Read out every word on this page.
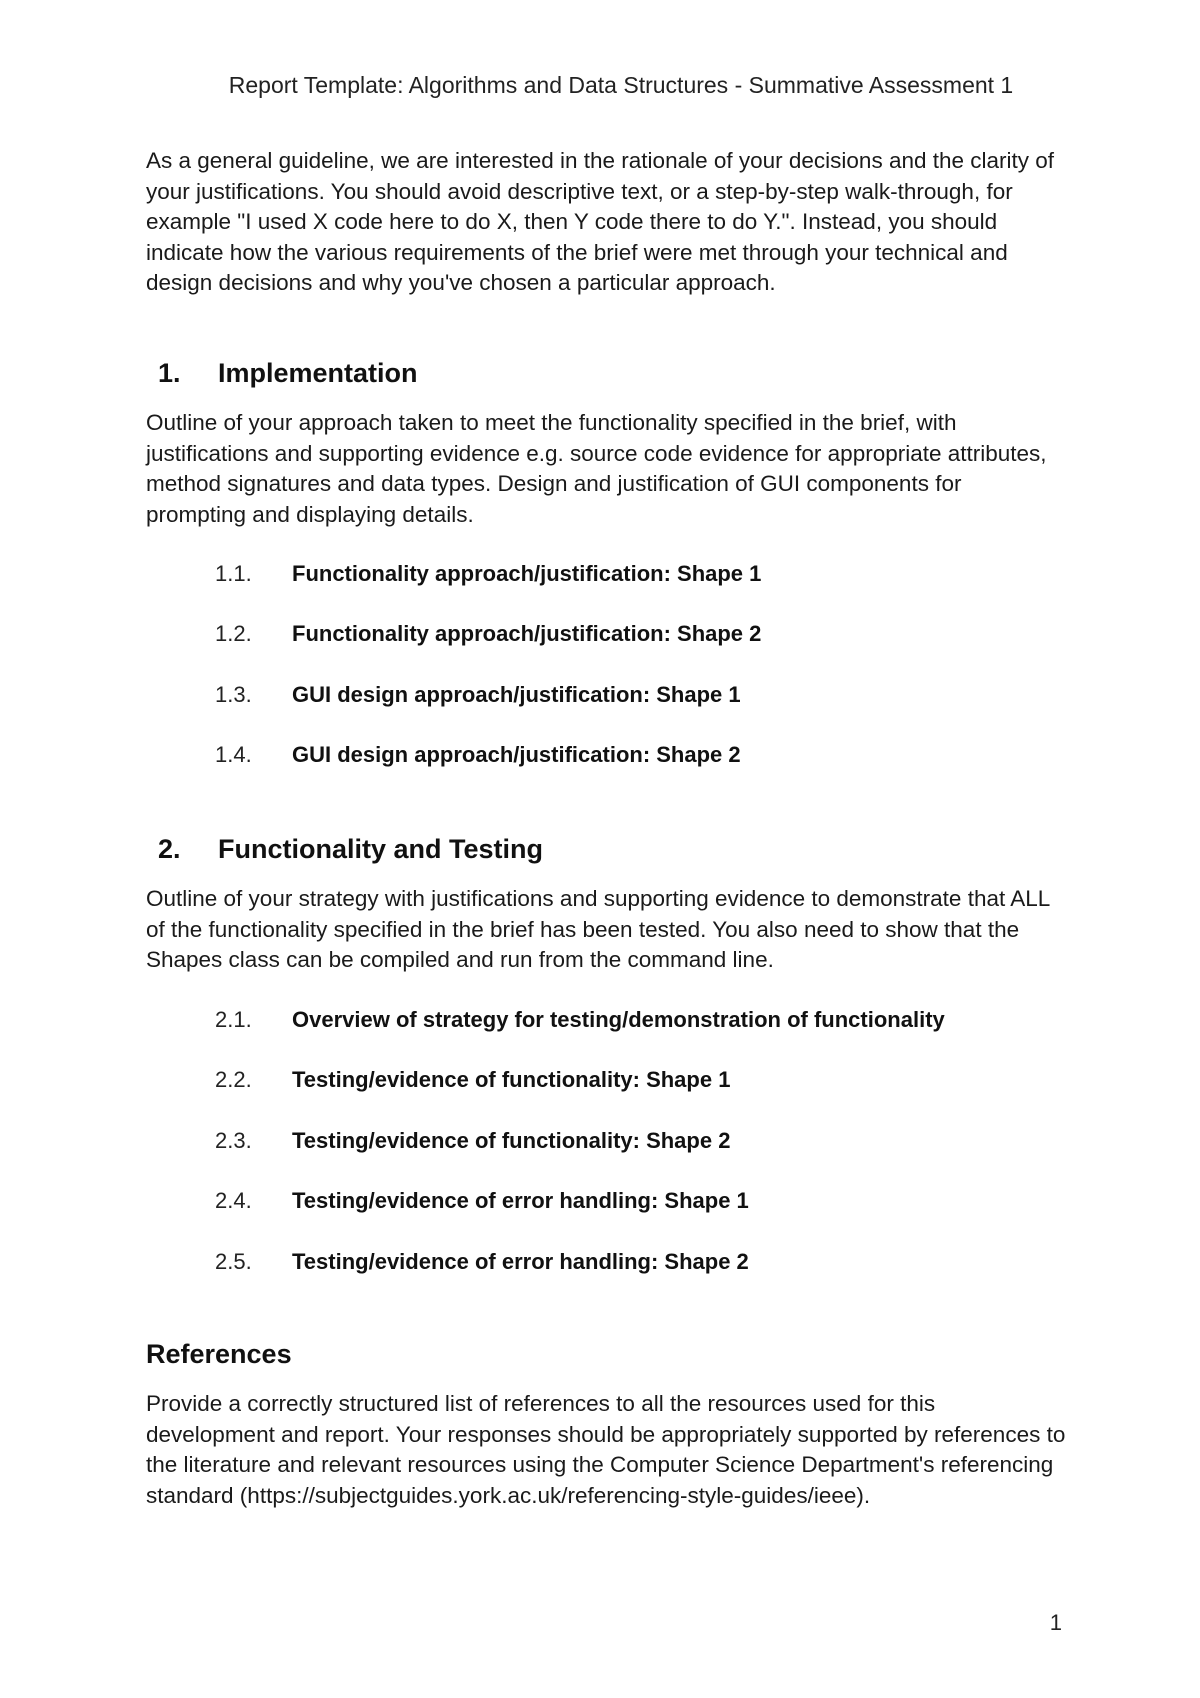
Report Template: Algorithms and Data Structures - Summative Assessment 1

As a general guideline, we are interested in the rationale of your decisions and the clarity of your justifications. You should avoid descriptive text, or a step-by-step walk-through, for example "I used X code here to do X, then Y code there to do Y.". Instead, you should indicate how the various requirements of the brief were met through your technical and design decisions and why you've chosen a particular approach.

1.	Implementation

Outline of your approach taken to meet the functionality specified in the brief, with justifications and supporting evidence e.g. source code evidence for appropriate attributes, method signatures and data types. Design and justification of GUI components for prompting and displaying details.

1.1.	Functionality approach/justification: Shape 1
1.2.	Functionality approach/justification: Shape 2
1.3.	GUI design approach/justification: Shape 1
1.4.	GUI design approach/justification: Shape 2
2.	Functionality and Testing

Outline of your strategy with justifications and supporting evidence to demonstrate that ALL of the functionality specified in the brief has been tested. You also need to show that the Shapes class can be compiled and run from the command line.

2.1.	Overview of strategy for testing/demonstration of functionality
2.2.	Testing/evidence of functionality: Shape 1
2.3.	Testing/evidence of functionality: Shape 2
2.4.	Testing/evidence of error handling: Shape 1
2.5.	Testing/evidence of error handling: Shape 2
References

Provide a correctly structured list of references to all the resources used for this development and report. Your responses should be appropriately supported by references to the literature and relevant resources using the Computer Science Department's referencing standard (https://subjectguides.york.ac.uk/referencing-style-guides/ieee).

1
